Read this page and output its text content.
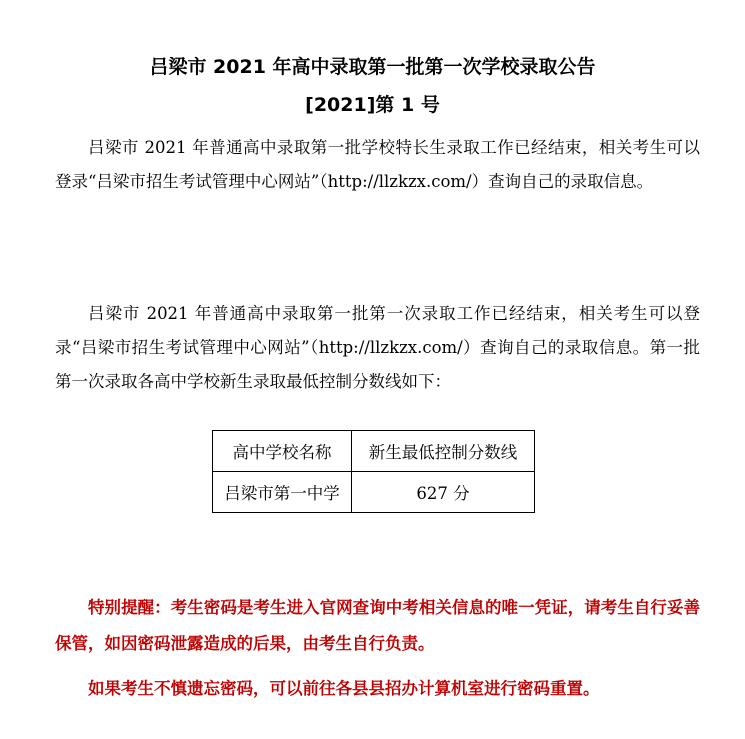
吕梁市 2021 年高中录取第一批第一次学校录取公告
[2021]第 1 号

吕梁市 2021 年普通高中录取第一批学校特长生录取工作已经结束，相关考生可以登录“吕梁市招生考试管理中心网站”（http://llzkzx.com/）查询自己的录取信息。

吕梁市 2021 年普通高中录取第一批第一次录取工作已经结束，相关考生可以登录“吕梁市招生考试管理中心网站”（http://llzkzx.com/）查询自己的录取信息。第一批第一次录取各高中学校新生录取最低控制分数线如下：

高中学校名称	新生最低控制分数线
吕梁市第一中学	627 分

特别提醒：考生密码是考生进入官网查询中考相关信息的唯一凭证，请考生自行妥善保管，如因密码泄露造成的后果，由考生自行负责。

如果考生不慎遗忘密码，可以前往各县县招办计算机室进行密码重置。
